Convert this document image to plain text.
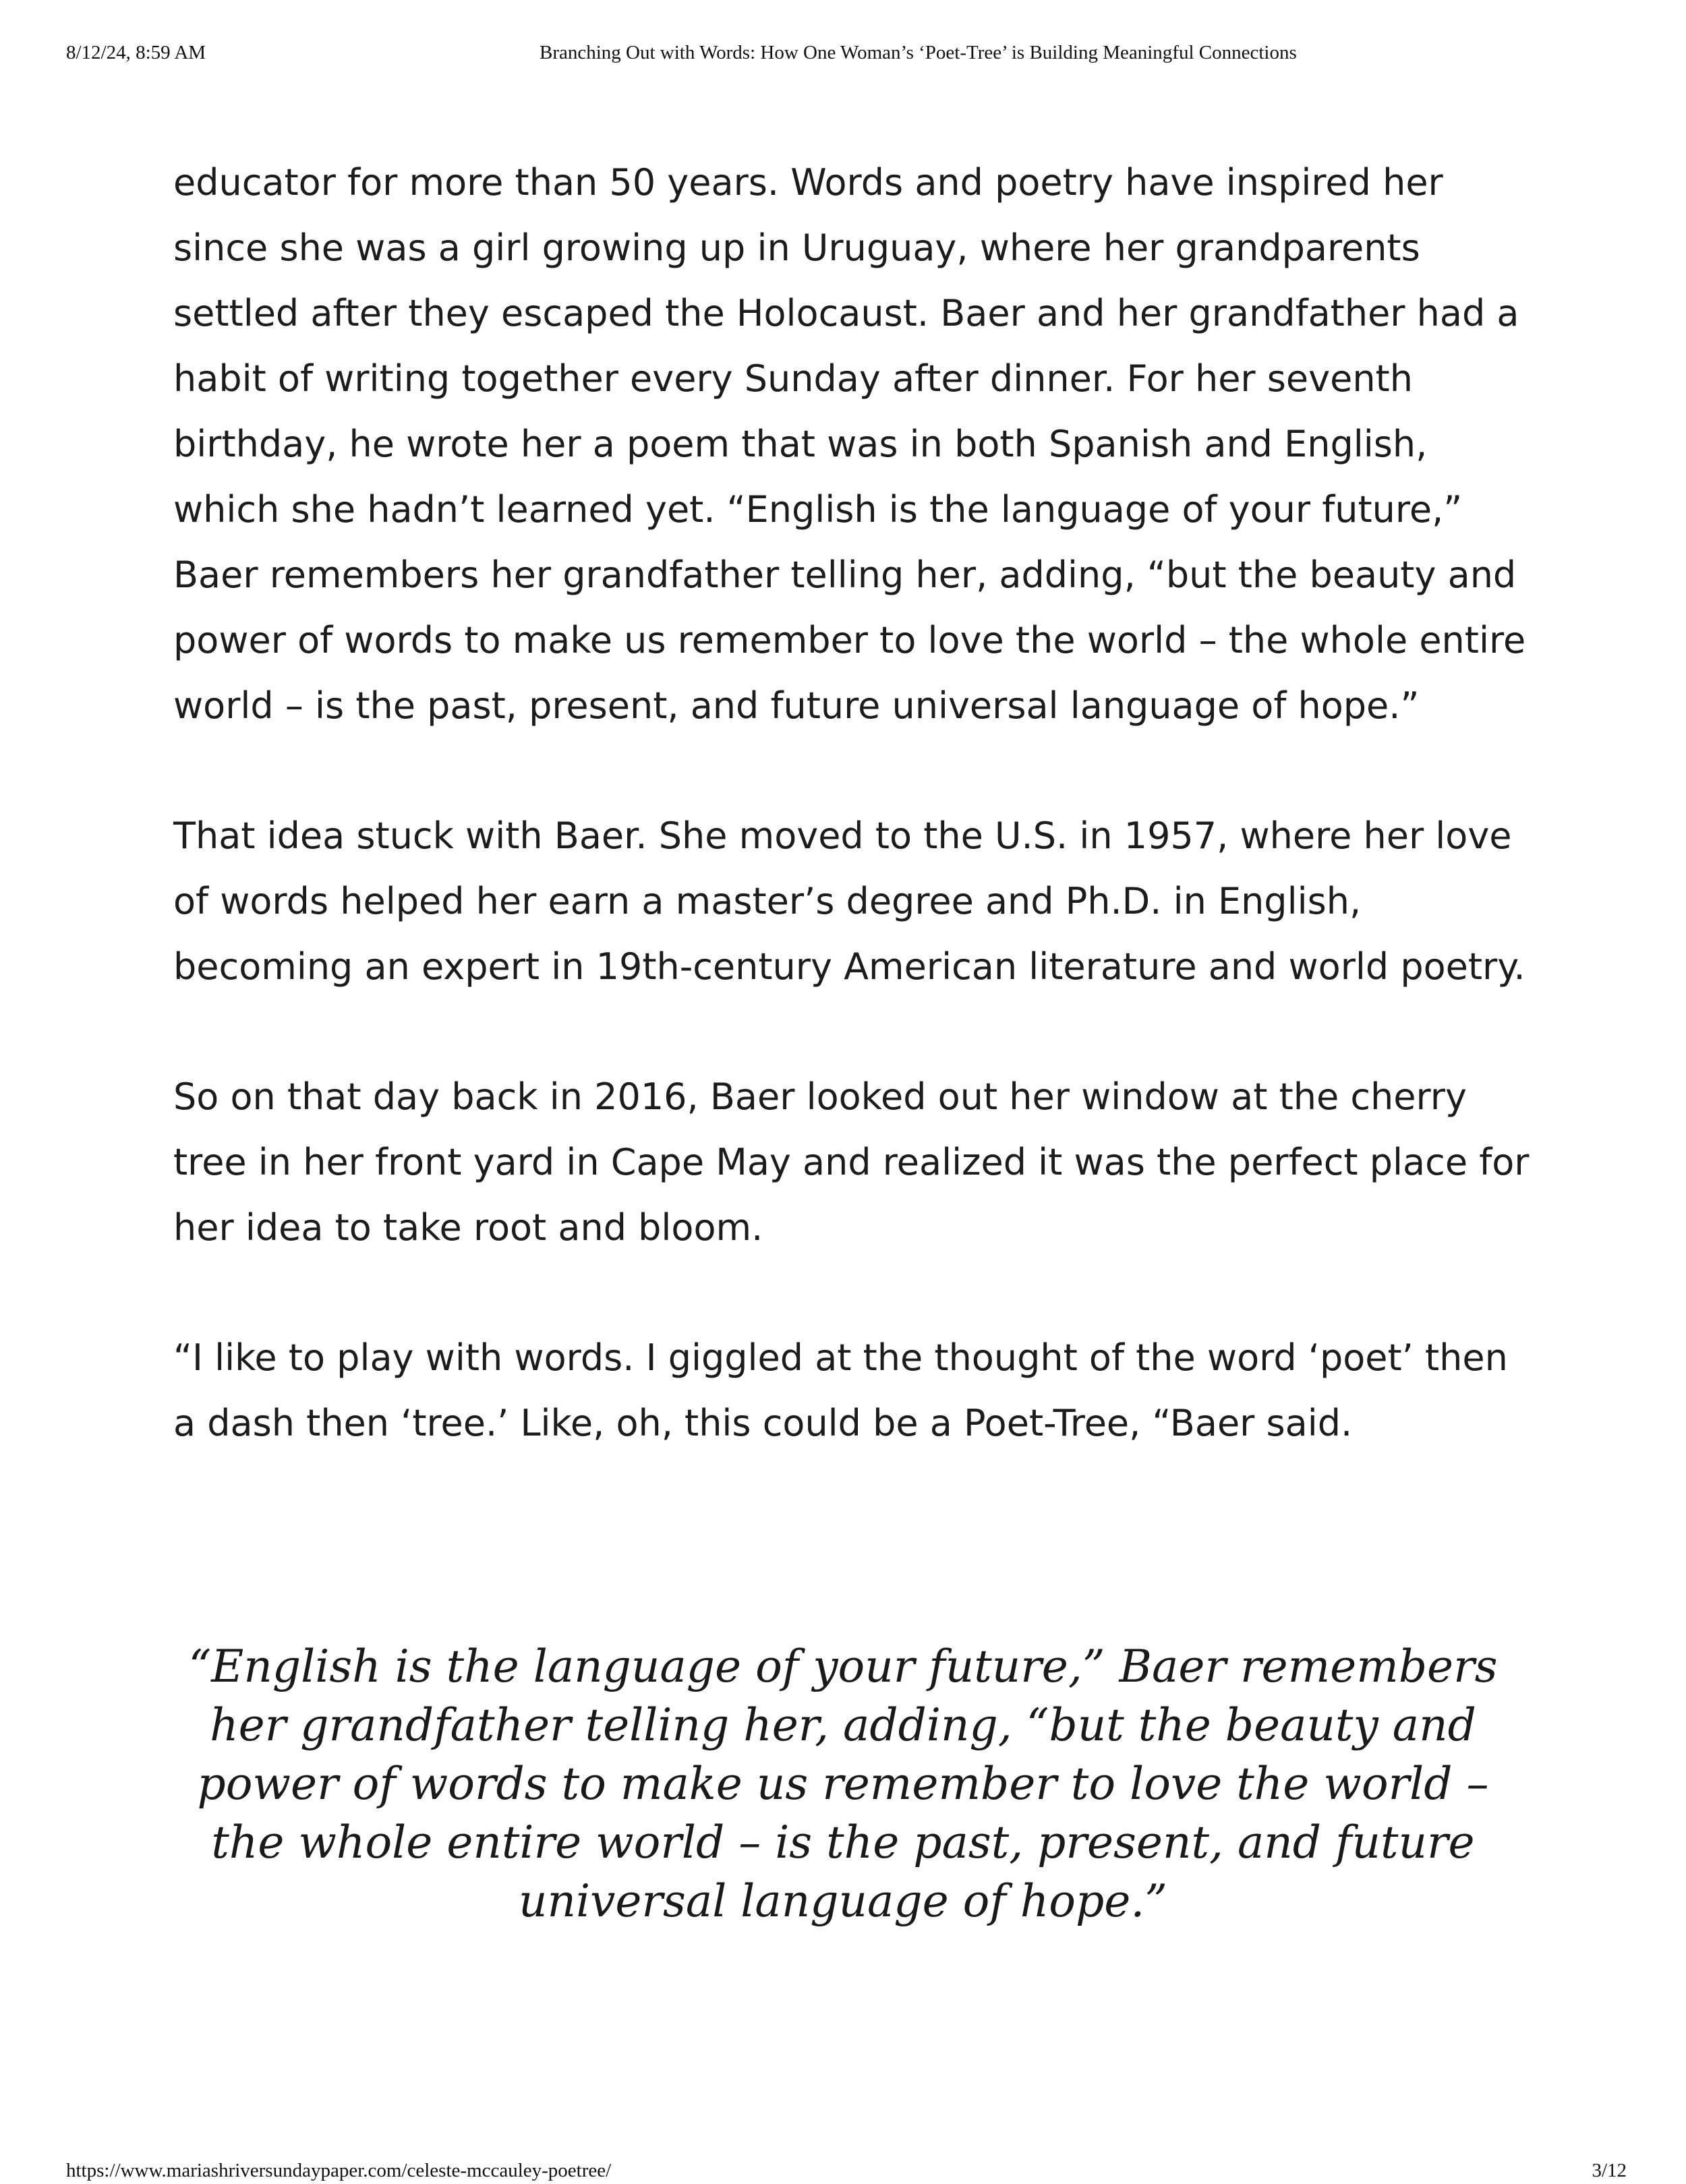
8/12/24, 8:59 AM	Branching Out with Words: How One Woman’s ‘Poet-Tree’ is Building Meaningful Connections

educator for more than 50 years. Words and poetry have inspired her since she was a girl growing up in Uruguay, where her grandparents settled after they escaped the Holocaust. Baer and her grandfather had a habit of writing together every Sunday after dinner. For her seventh birthday, he wrote her a poem that was in both Spanish and English, which she hadn’t learned yet. “English is the language of your future,” Baer remembers her grandfather telling her, adding, “but the beauty and power of words to make us remember to love the world – the whole entire world – is the past, present, and future universal language of hope.”

That idea stuck with Baer. She moved to the U.S. in 1957, where her love of words helped her earn a master’s degree and Ph.D. in English, becoming an expert in 19th-century American literature and world poetry.

So on that day back in 2016, Baer looked out her window at the cherry tree in her front yard in Cape May and realized it was the perfect place for her idea to take root and bloom.

“I like to play with words. I giggled at the thought of the word ‘poet’ then a dash then ‘tree.’ Like, oh, this could be a Poet-Tree, “Baer said.

“English is the language of your future,” Baer remembers her grandfather telling her, adding, “but the beauty and power of words to make us remember to love the world – the whole entire world – is the past, present, and future universal language of hope.”
https://www.mariashriversundaypaper.com/celeste-mccauley-poetree/	3/12
